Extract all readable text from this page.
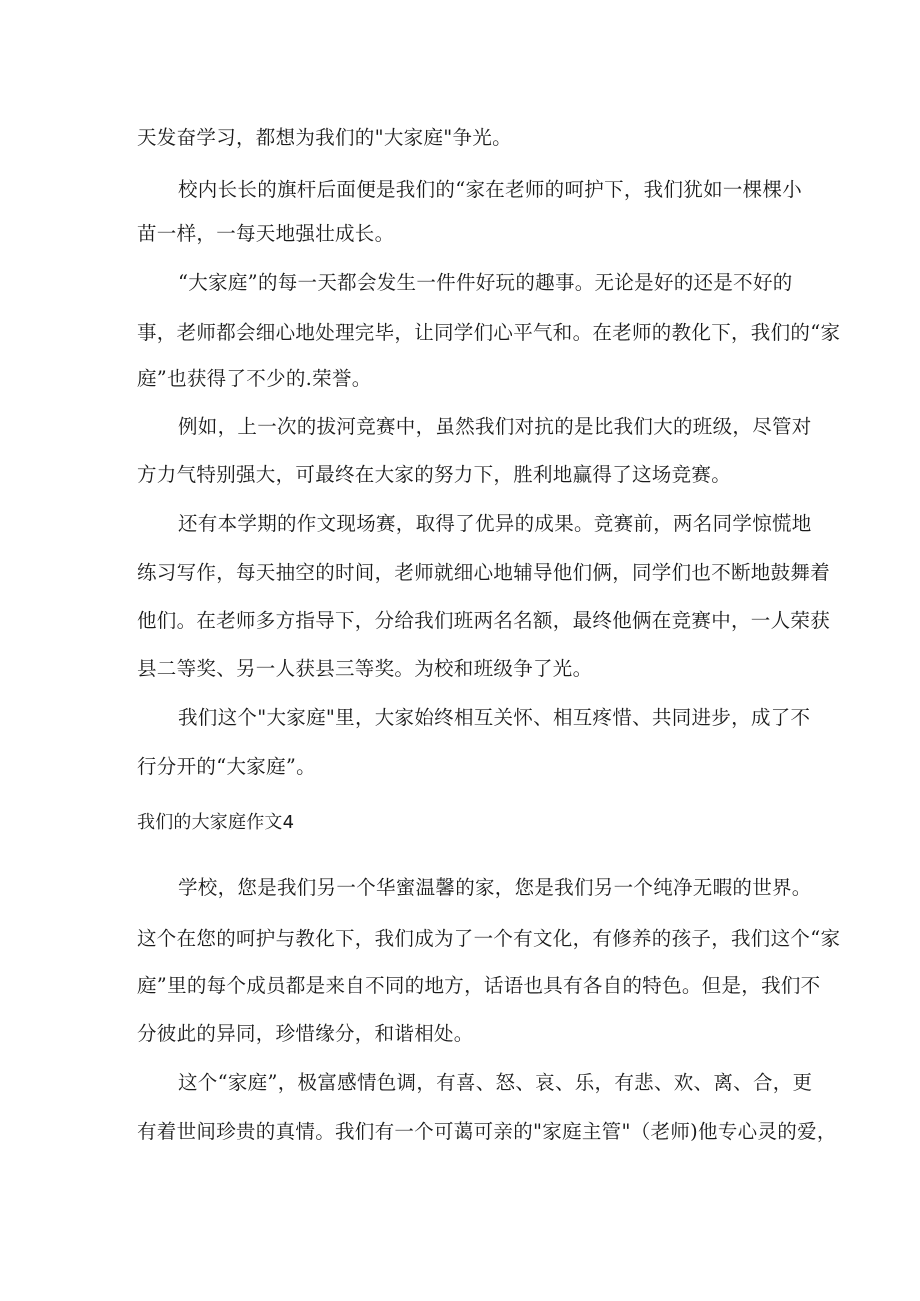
天发奋学习，都想为我们的"大家庭"争光。
校内长长的旗杆后面便是我们的“家在老师的呵护下，我们犹如一棵棵小
苗一样，一每天地强壮成长。
“大家庭”的每一天都会发生一件件好玩的趣事。无论是好的还是不好的
事，老师都会细心地处理完毕，让同学们心平气和。在老师的教化下，我们的“家
庭”也获得了不少的.荣誉。
例如，上一次的拔河竞赛中，虽然我们对抗的是比我们大的班级，尽管对
方力气特别强大，可最终在大家的努力下，胜利地赢得了这场竞赛。
还有本学期的作文现场赛，取得了优异的成果。竞赛前，两名同学惊慌地
练习写作，每天抽空的时间，老师就细心地辅导他们俩，同学们也不断地鼓舞着
他们。在老师多方指导下，分给我们班两名名额，最终他俩在竞赛中，一人荣获
县二等奖、另一人获县三等奖。为校和班级争了光。
我们这个"大家庭"里，大家始终相互关怀、相互疼惜、共同进步，成了不
行分开的“大家庭”。
我们的大家庭作文4
学校，您是我们另一个华蜜温馨的家，您是我们另一个纯净无暇的世界。
这个在您的呵护与教化下，我们成为了一个有文化，有修养的孩子，我们这个“家
庭”里的每个成员都是来自不同的地方，话语也具有各自的特色。但是，我们不
分彼此的异同，珍惜缘分，和谐相处。
这个“家庭”，极富感情色调，有喜、怒、哀、乐，有悲、欢、离、合，更
有着世间珍贵的真情。我们有一个可蔼可亲的"家庭主管"（老师)他专心灵的爱，
